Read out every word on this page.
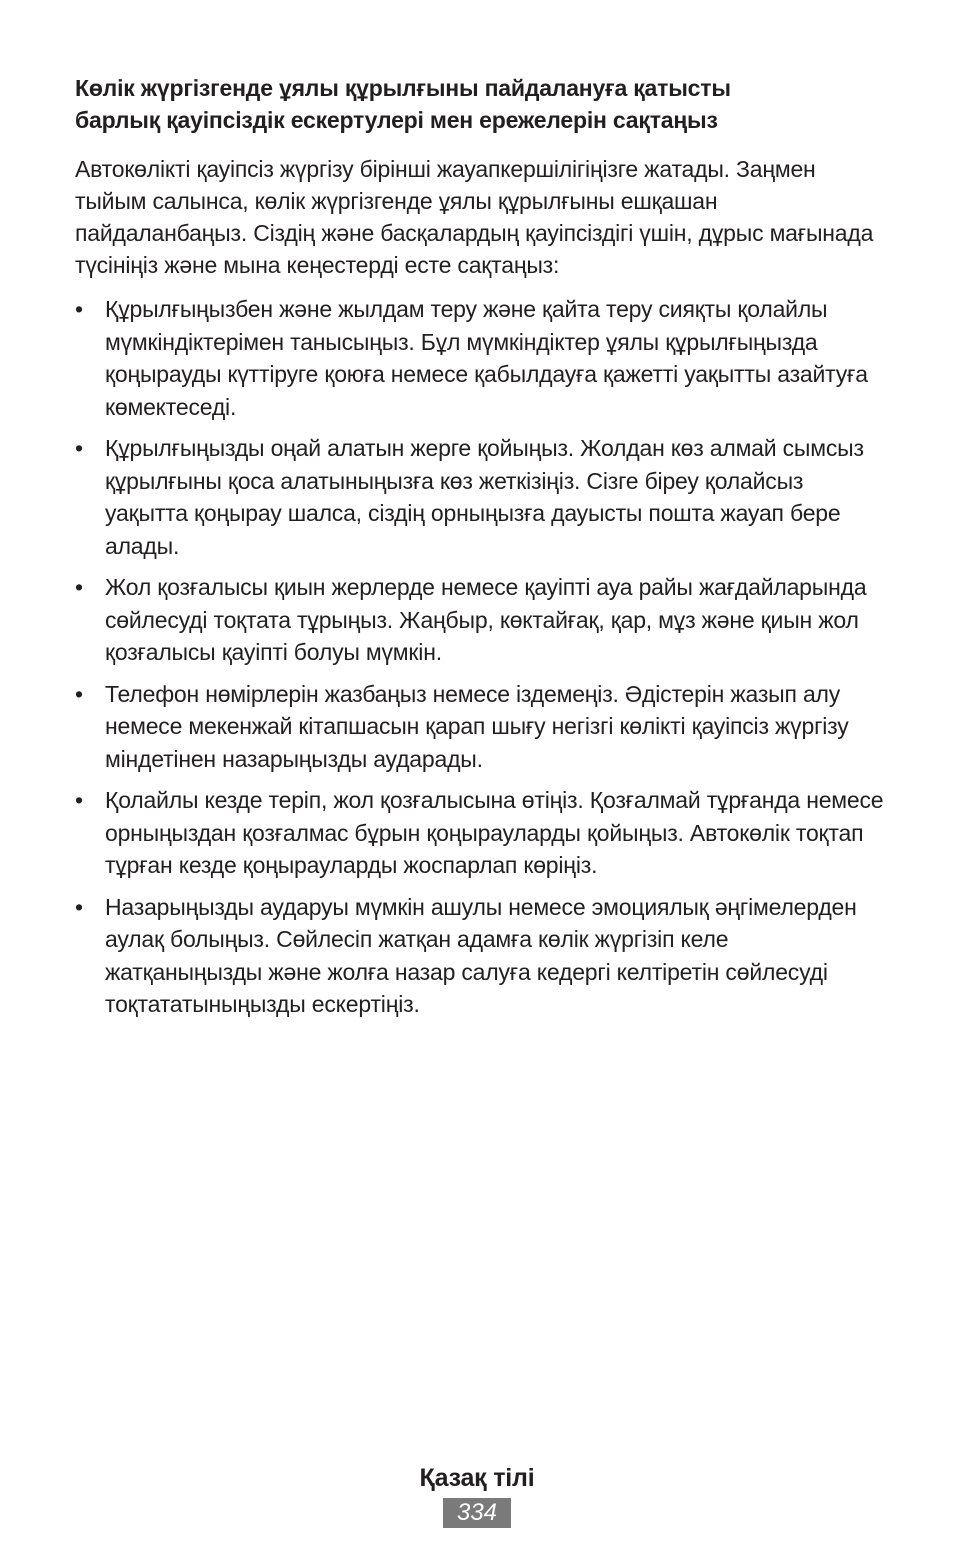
Көлік жүргізгенде ұялы құрылғыны пайдалануға қатысты
барлық қауіпсіздік ескертулері мен ережелерін сақтаңыз

Автокөлікті қауіпсіз жүргізу бірінші жауапкершілігіңізге жатады. Заңмен тыйым салынса, көлік жүргізгенде ұялы құрылғыны ешқашан пайдаланбаңыз. Сіздің және басқалардың қауіпсіздігі үшін, дұрыс мағынада түсініңіз және мына кеңестерді есте сақтаңыз:

• Құрылғыңызбен және жылдам теру және қайта теру сияқты қолайлы мүмкіндіктерімен танысыңыз. Бұл мүмкіндіктер ұялы құрылғыңызда қоңырауды күттіруге қоюға немесе қабылдауға қажетті уақытты азайтуға көмектеседі.
• Құрылғыңызды оңай алатын жерге қойыңыз. Жолдан көз алмай сымсыз құрылғыны қоса алатыныңызға көз жеткізіңіз. Сізге біреу қолайсыз уақытта қоңырау шалса, сіздің орныңызға дауысты пошта жауап бере алады.
• Жол қозғалысы қиын жерлерде немесе қауіпті ауа райы жағдайларында сөйлесуді тоқтата тұрыңыз. Жаңбыр, көктайғақ, қар, мұз және қиын жол қозғалысы қауіпті болуы мүмкін.
• Телефон нөмірлерін жазбаңыз немесе іздемеңіз. Әдістерін жазып алу немесе мекенжай кітапшасын қарап шығу негізгі көлікті қауіпсіз жүргізу міндетінен назарыңызды аударады.
• Қолайлы кезде теріп, жол қозғалысына өтіңіз. Қозғалмай тұрғанда немесе орныңыздан қозғалмас бұрын қоңырауларды қойыңыз. Автокөлік тоқтап тұрған кезде қоңырауларды жоспарлап көріңіз.
• Назарыңызды аударуы мүмкін ашулы немесе эмоциялық әңгімелерден аулақ болыңыз. Сөйлесіп жатқан адамға көлік жүргізіп келе жатқаныңызды және жолға назар салуға кедергі келтіретін сөйлесуді тоқтататыныңызды ескертіңіз.
Қазақ тілі
334
